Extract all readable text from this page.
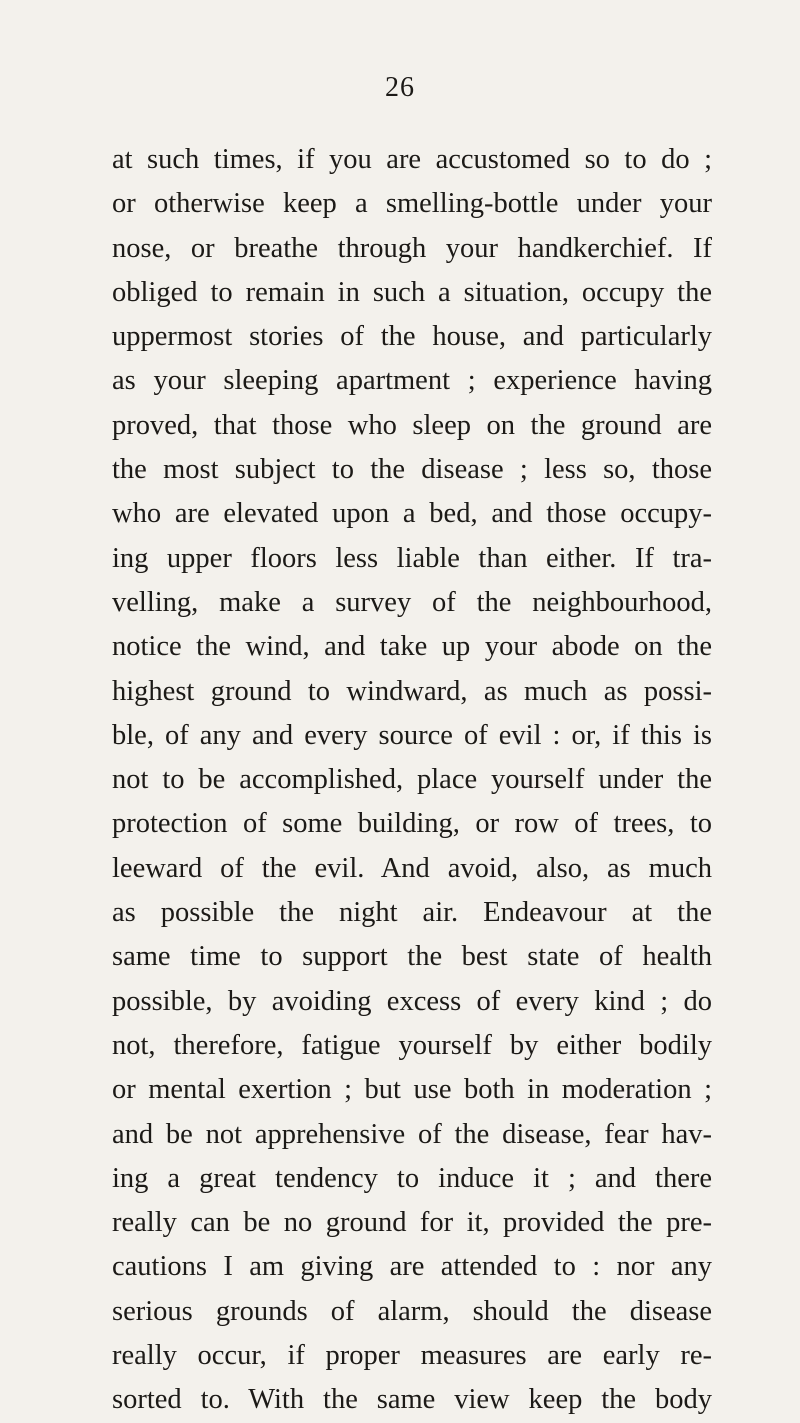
26
at such times, if you are accustomed so to do ;
or otherwise keep a smelling-bottle under your
nose, or breathe through your handkerchief. If
obliged to remain in such a situation, occupy the
uppermost stories of the house, and particularly
as your sleeping apartment ; experience having
proved, that those who sleep on the ground are
the most subject to the disease ; less so, those
who are elevated upon a bed, and those occupy-
ing upper floors less liable than either. If tra-
velling, make a survey of the neighbourhood,
notice the wind, and take up your abode on the
highest ground to windward, as much as possi-
ble, of any and every source of evil : or, if this is
not to be accomplished, place yourself under the
protection of some building, or row of trees, to
leeward of the evil. And avoid, also, as much
as possible the night air. Endeavour at the
same time to support the best state of health
possible, by avoiding excess of every kind ; do
not, therefore, fatigue yourself by either bodily
or mental exertion ; but use both in moderation ;
and be not apprehensive of the disease, fear hav-
ing a great tendency to induce it ; and there
really can be no ground for it, provided the pre-
cautions I am giving are attended to : nor any
serious grounds of alarm, should the disease
really occur, if proper measures are early re-
sorted to. With the same view keep the body
